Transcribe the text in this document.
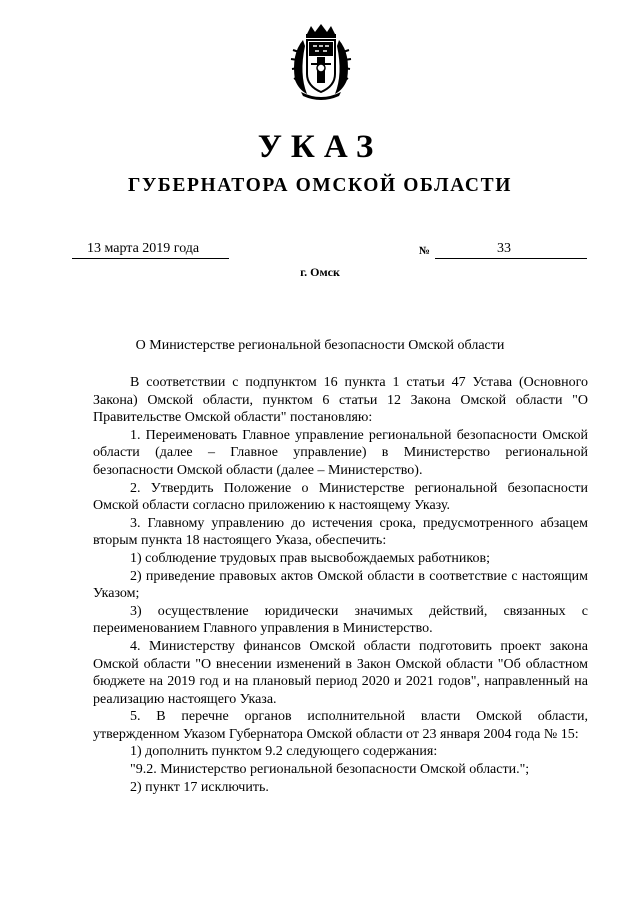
УКАЗ
ГУБЕРНАТОРА ОМСКОЙ ОБЛАСТИ
13 марта 2019 года	№	33
г. Омск
О Министерстве региональной безопасности Омской области

В соответствии с подпунктом 16 пункта 1 статьи 47 Устава (Основного Закона) Омской области, пунктом 6 статьи 12 Закона Омской области "О Правительстве Омской области" постановляю:

1. Переименовать Главное управление региональной безопасности Омской области (далее – Главное управление) в Министерство региональной безопасности Омской области (далее – Министерство).

2. Утвердить Положение о Министерстве региональной безопасности Омской области согласно приложению к настоящему Указу.

3. Главному управлению до истечения срока, предусмотренного абзацем вторым пункта 18 настоящего Указа, обеспечить:

1) соблюдение трудовых прав высвобождаемых работников;

2) приведение правовых актов Омской области в соответствие с настоящим Указом;

3) осуществление юридически значимых действий, связанных с переименованием Главного управления в Министерство.

4. Министерству финансов Омской области подготовить проект закона Омской области "О внесении изменений в Закон Омской области "Об областном бюджете на 2019 год и на плановый период 2020 и 2021 годов", направленный на реализацию настоящего Указа.

5. В перечне органов исполнительной власти Омской области, утвержденном Указом Губернатора Омской области от 23 января 2004 года № 15:

1) дополнить пунктом 9.2 следующего содержания:

"9.2. Министерство региональной безопасности Омской области.";

2) пункт 17 исключить.
